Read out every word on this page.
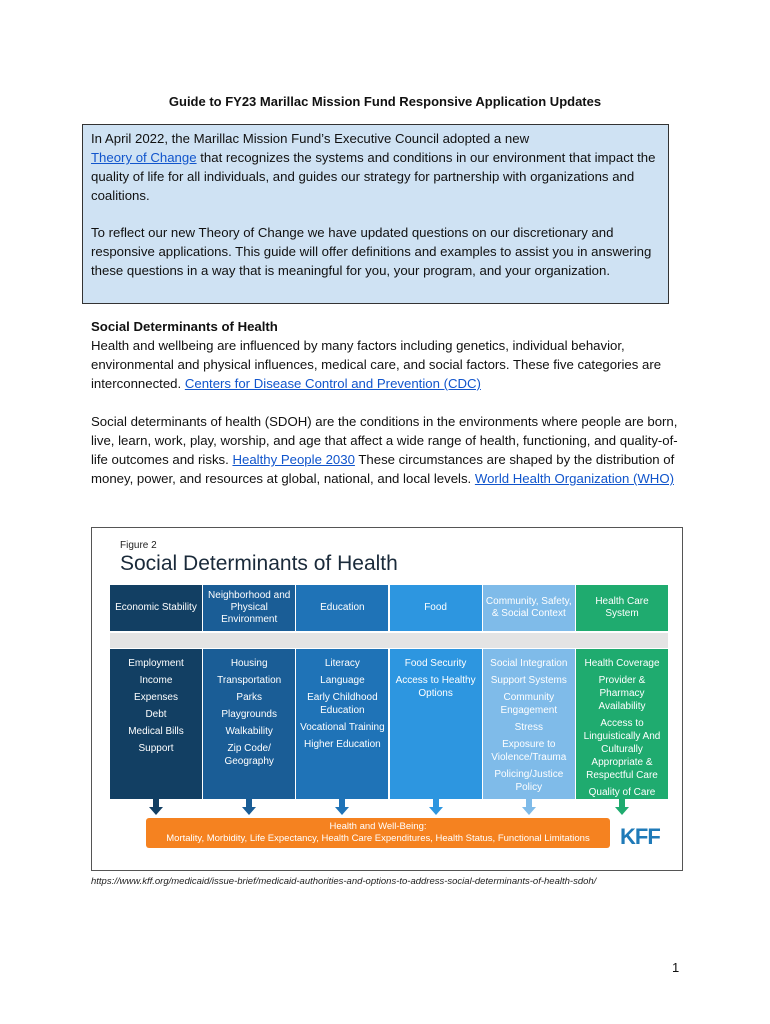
Guide to FY23 Marillac Mission Fund Responsive Application Updates

In April 2022, the Marillac Mission Fund’s Executive Council adopted a new
Theory of Change that recognizes the systems and conditions in our environment that impact the quality of life for all individuals, and guides our strategy for partnership with organizations and coalitions.

To reflect our new Theory of Change we have updated questions on our discretionary and responsive applications. This guide will offer definitions and examples to assist you in answering these questions in a way that is meaningful for you, your program, and your organization.

Social Determinants of Health

Health and wellbeing are influenced by many factors including genetics, individual behavior, environmental and physical influences, medical care, and social factors. These five categories are interconnected. Centers for Disease Control and Prevention (CDC)

Social determinants of health (SDOH) are the conditions in the environments where people are born, live, learn, work, play, worship, and age that affect a wide range of health, functioning, and quality-of-life outcomes and risks. Healthy People 2030 These circumstances are shaped by the distribution of money, power, and resources at global, national, and local levels. World Health Organization (WHO)

Figure 2
Social Determinants of Health
Economic Stability
Employment
Income
Expenses
Debt
Medical Bills
Support
Neighborhood and Physical Environment
Housing
Transportation
Parks
Playgrounds
Walkability
Zip Code/ Geography
Education
Literacy
Language
Early Childhood Education
Vocational Training
Higher Education
Food
Food Security
Access to Healthy Options
Community, Safety, & Social Context
Social Integration
Support Systems
Community Engagement
Stress
Exposure to Violence/Trauma
Policing/Justice Policy
Health Care System
Health Coverage
Provider & Pharmacy Availability
Access to Linguistically And Culturally Appropriate & Respectful Care
Quality of Care
Health and Well-Being:
Mortality, Morbidity, Life Expectancy, Health Care Expenditures, Health Status, Functional Limitations	KFF
https://www.kff.org/medicaid/issue-brief/medicaid-authorities-and-options-to-address-social-determinants-of-health-sdoh/
1
